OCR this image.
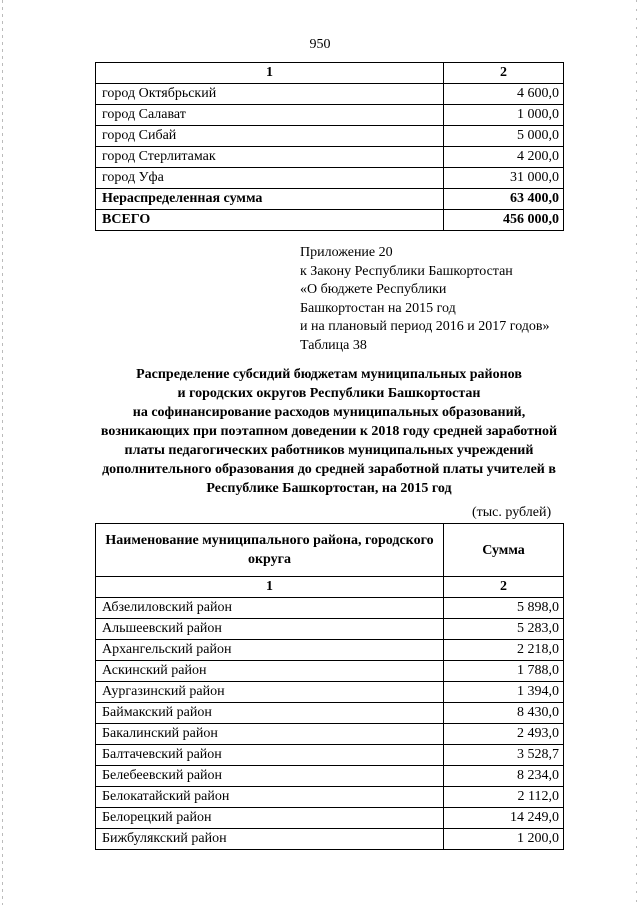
950
1	2
город Октябрьский	4 600,0
город Салават	1 000,0
город Сибай	5 000,0
город Стерлитамак	4 200,0
город Уфа	31 000,0
Нераспределенная сумма	63 400,0
ВСЕГО	456 000,0
Приложение 20
к Закону Республики Башкортостан
«О бюджете Республики
Башкортостан на 2015 год
и на плановый период 2016 и 2017 годов»
Таблица 38
Распределение субсидий бюджетам муниципальных районов
и городских округов Республики Башкортостан
на софинансирование расходов муниципальных образований,
возникающих при поэтапном доведении к 2018 году средней заработной
платы педагогических работников муниципальных учреждений
дополнительного образования до средней заработной платы учителей в
Республике Башкортостан, на 2015 год
(тыс. рублей)
Наименование муниципального района, городского округа	Сумма
1	2
Абзелиловский район	5 898,0
Альшеевский район	5 283,0
Архангельский район	2 218,0
Аскинский район	1 788,0
Аургазинский район	1 394,0
Баймакский район	8 430,0
Бакалинский район	2 493,0
Балтачевский район	3 528,7
Белебеевский район	8 234,0
Белокатайский район	2 112,0
Белорецкий район	14 249,0
Бижбулякский район	1 200,0
